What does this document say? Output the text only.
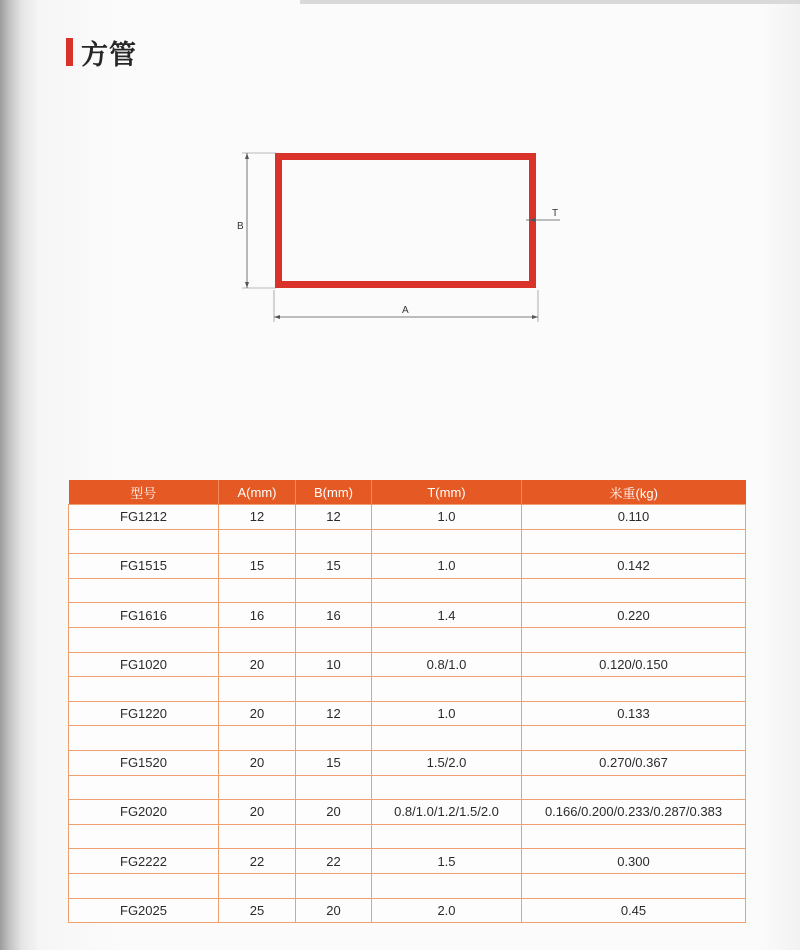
方管
B
A
T
型号	A(mm)	B(mm)	T(mm)	米重(kg)
FG1212	12	12	1.0	0.110

FG1515	15	15	1.0	0.142

FG1616	16	16	1.4	0.220

FG1020	20	10	0.8/1.0	0.120/0.150

FG1220	20	12	1.0	0.133

FG1520	20	15	1.5/2.0	0.270/0.367

FG2020	20	20	0.8/1.0/1.2/1.5/2.0	0.166/0.200/0.233/0.287/0.383

FG2222	22	22	1.5	0.300

FG2025	25	20	2.0	0.45
